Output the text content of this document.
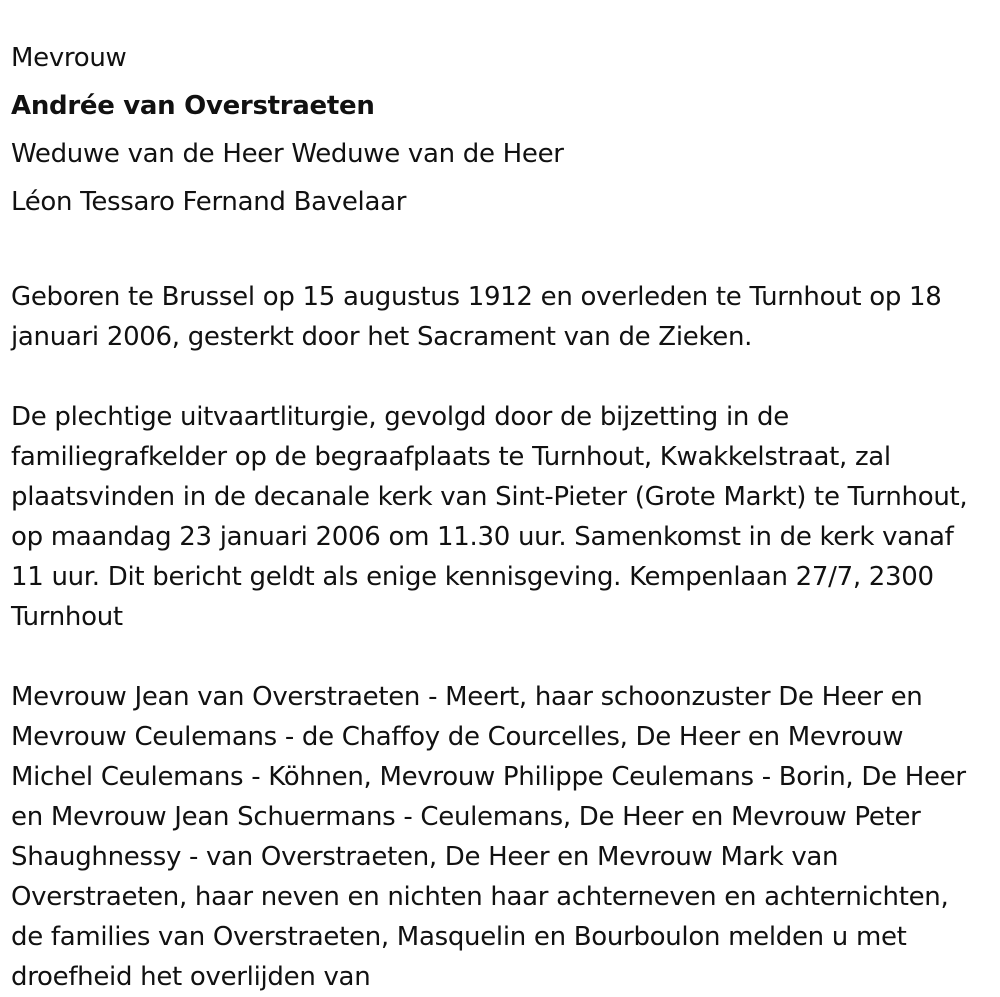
Mevrouw

Andrée van Overstraeten

Weduwe van de Heer Weduwe van de Heer

Léon Tessaro Fernand Bavelaar

Geboren te Brussel op 15 augustus 1912 en overleden te Turnhout op 18 januari 2006, gesterkt door het Sacrament van de Zieken.

De plechtige uitvaartliturgie, gevolgd door de bijzetting in de familiegrafkelder op de begraafplaats te Turnhout, Kwakkelstraat, zal plaatsvinden in de decanale kerk van Sint-Pieter (Grote Markt) te Turnhout, op maandag 23 januari 2006 om 11.30 uur. Samenkomst in de kerk vanaf 11 uur. Dit bericht geldt als enige kennisgeving. Kempenlaan 27/7, 2300 Turnhout

Mevrouw Jean van Overstraeten - Meert, haar schoonzuster De Heer en Mevrouw Ceulemans - de Chaffoy de Courcelles, De Heer en Mevrouw Michel Ceulemans - Köhnen, Mevrouw Philippe Ceulemans - Borin, De Heer en Mevrouw Jean Schuermans - Ceulemans, De Heer en Mevrouw Peter Shaughnessy - van Overstraeten, De Heer en Mevrouw Mark van Overstraeten, haar neven en nichten haar achterneven en achternichten, de families van Overstraeten, Masquelin en Bourboulon melden u met droefheid het overlijden van
